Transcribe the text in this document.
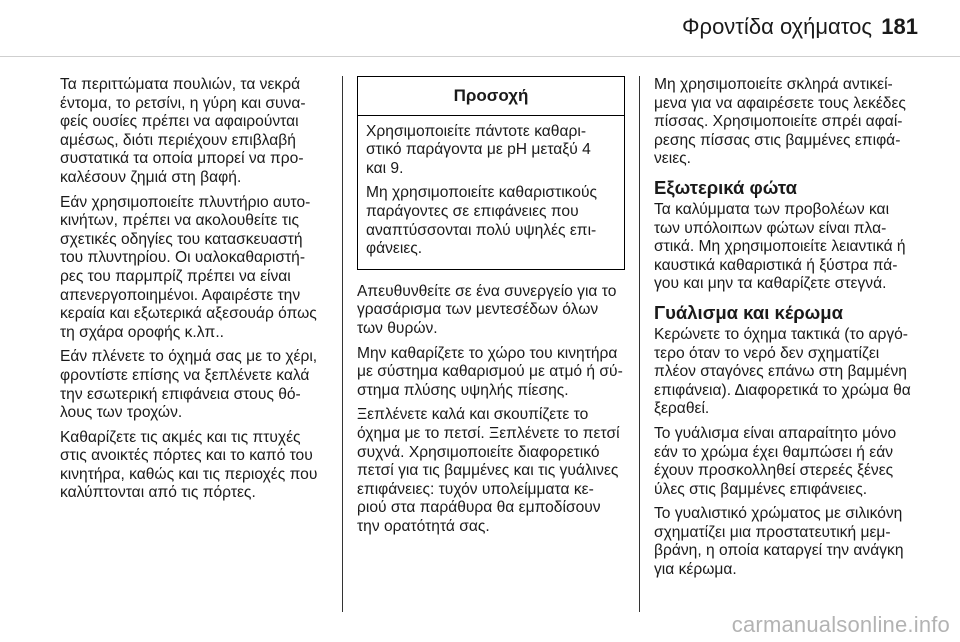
Φροντίδα οχήματος 181

Τα περιττώματα πουλιών, τα νεκρά
έντομα, το ρετσίνι, η γύρη και συνα-
φείς ουσίες πρέπει να αφαιρούνται
αμέσως, διότι περιέχουν επιβλαβή
συστατικά τα οποία μπορεί να προ-
καλέσουν ζημιά στη βαφή.

Εάν χρησιμοποιείτε πλυντήριο αυτο-
κινήτων, πρέπει να ακολουθείτε τις
σχετικές οδηγίες του κατασκευαστή
του πλυντηρίου. Οι υαλοκαθαριστή-
ρες του παρμπρίζ πρέπει να είναι
απενεργοποιημένοι. Αφαιρέστε την
κεραία και εξωτερικά αξεσουάρ όπως
τη σχάρα οροφής κ.λπ..

Εάν πλένετε το όχημά σας με το χέρι,
φροντίστε επίσης να ξεπλένετε καλά
την εσωτερική επιφάνεια στους θό-
λους των τροχών.

Καθαρίζετε τις ακμές και τις πτυχές
στις ανοικτές πόρτες και το καπό του
κινητήρα, καθώς και τις περιοχές που
καλύπτονται από τις πόρτες.

Προσοχή

Χρησιμοποιείτε πάντοτε καθαρι-
στικό παράγοντα με pH μεταξύ 4
και 9.

Μη χρησιμοποιείτε καθαριστικούς
παράγοντες σε επιφάνειες που
αναπτύσσονται πολύ υψηλές επι-
φάνειες.

Απευθυνθείτε σε ένα συνεργείο για το
γρασάρισμα των μεντεσέδων όλων
των θυρών.

Μην καθαρίζετε το χώρο του κινητήρα
με σύστημα καθαρισμού με ατμό ή σύ-
στημα πλύσης υψηλής πίεσης.

Ξεπλένετε καλά και σκουπίζετε το
όχημα με το πετσί. Ξεπλένετε το πετσί
συχνά. Χρησιμοποιείτε διαφορετικό
πετσί για τις βαμμένες και τις γυάλινες
επιφάνειες: τυχόν υπολείμματα κε-
ριού στα παράθυρα θα εμποδίσουν
την ορατότητά σας.

Μη χρησιμοποιείτε σκληρά αντικεί-
μενα για να αφαιρέσετε τους λεκέδες
πίσσας. Χρησιμοποιείτε σπρέι αφαί-
ρεσης πίσσας στις βαμμένες επιφά-
νειες.

Εξωτερικά φώτα

Τα καλύμματα των προβολέων και
των υπόλοιπων φώτων είναι πλα-
στικά. Μη χρησιμοποιείτε λειαντικά ή
καυστικά καθαριστικά ή ξύστρα πά-
γου και μην τα καθαρίζετε στεγνά.

Γυάλισμα και κέρωμα

Κερώνετε το όχημα τακτικά (το αργό-
τερο όταν το νερό δεν σχηματίζει
πλέον σταγόνες επάνω στη βαμμένη
επιφάνεια). Διαφορετικά το χρώμα θα
ξεραθεί.

Το γυάλισμα είναι απαραίτητο μόνο
εάν το χρώμα έχει θαμπώσει ή εάν
έχουν προσκολληθεί στερεές ξένες
ύλες στις βαμμένες επιφάνειες.

Το γυαλιστικό χρώματος με σιλικόνη
σχηματίζει μια προστατευτική μεμ-
βράνη, η οποία καταργεί την ανάγκη
για κέρωμα.

carmanualsonline.info
